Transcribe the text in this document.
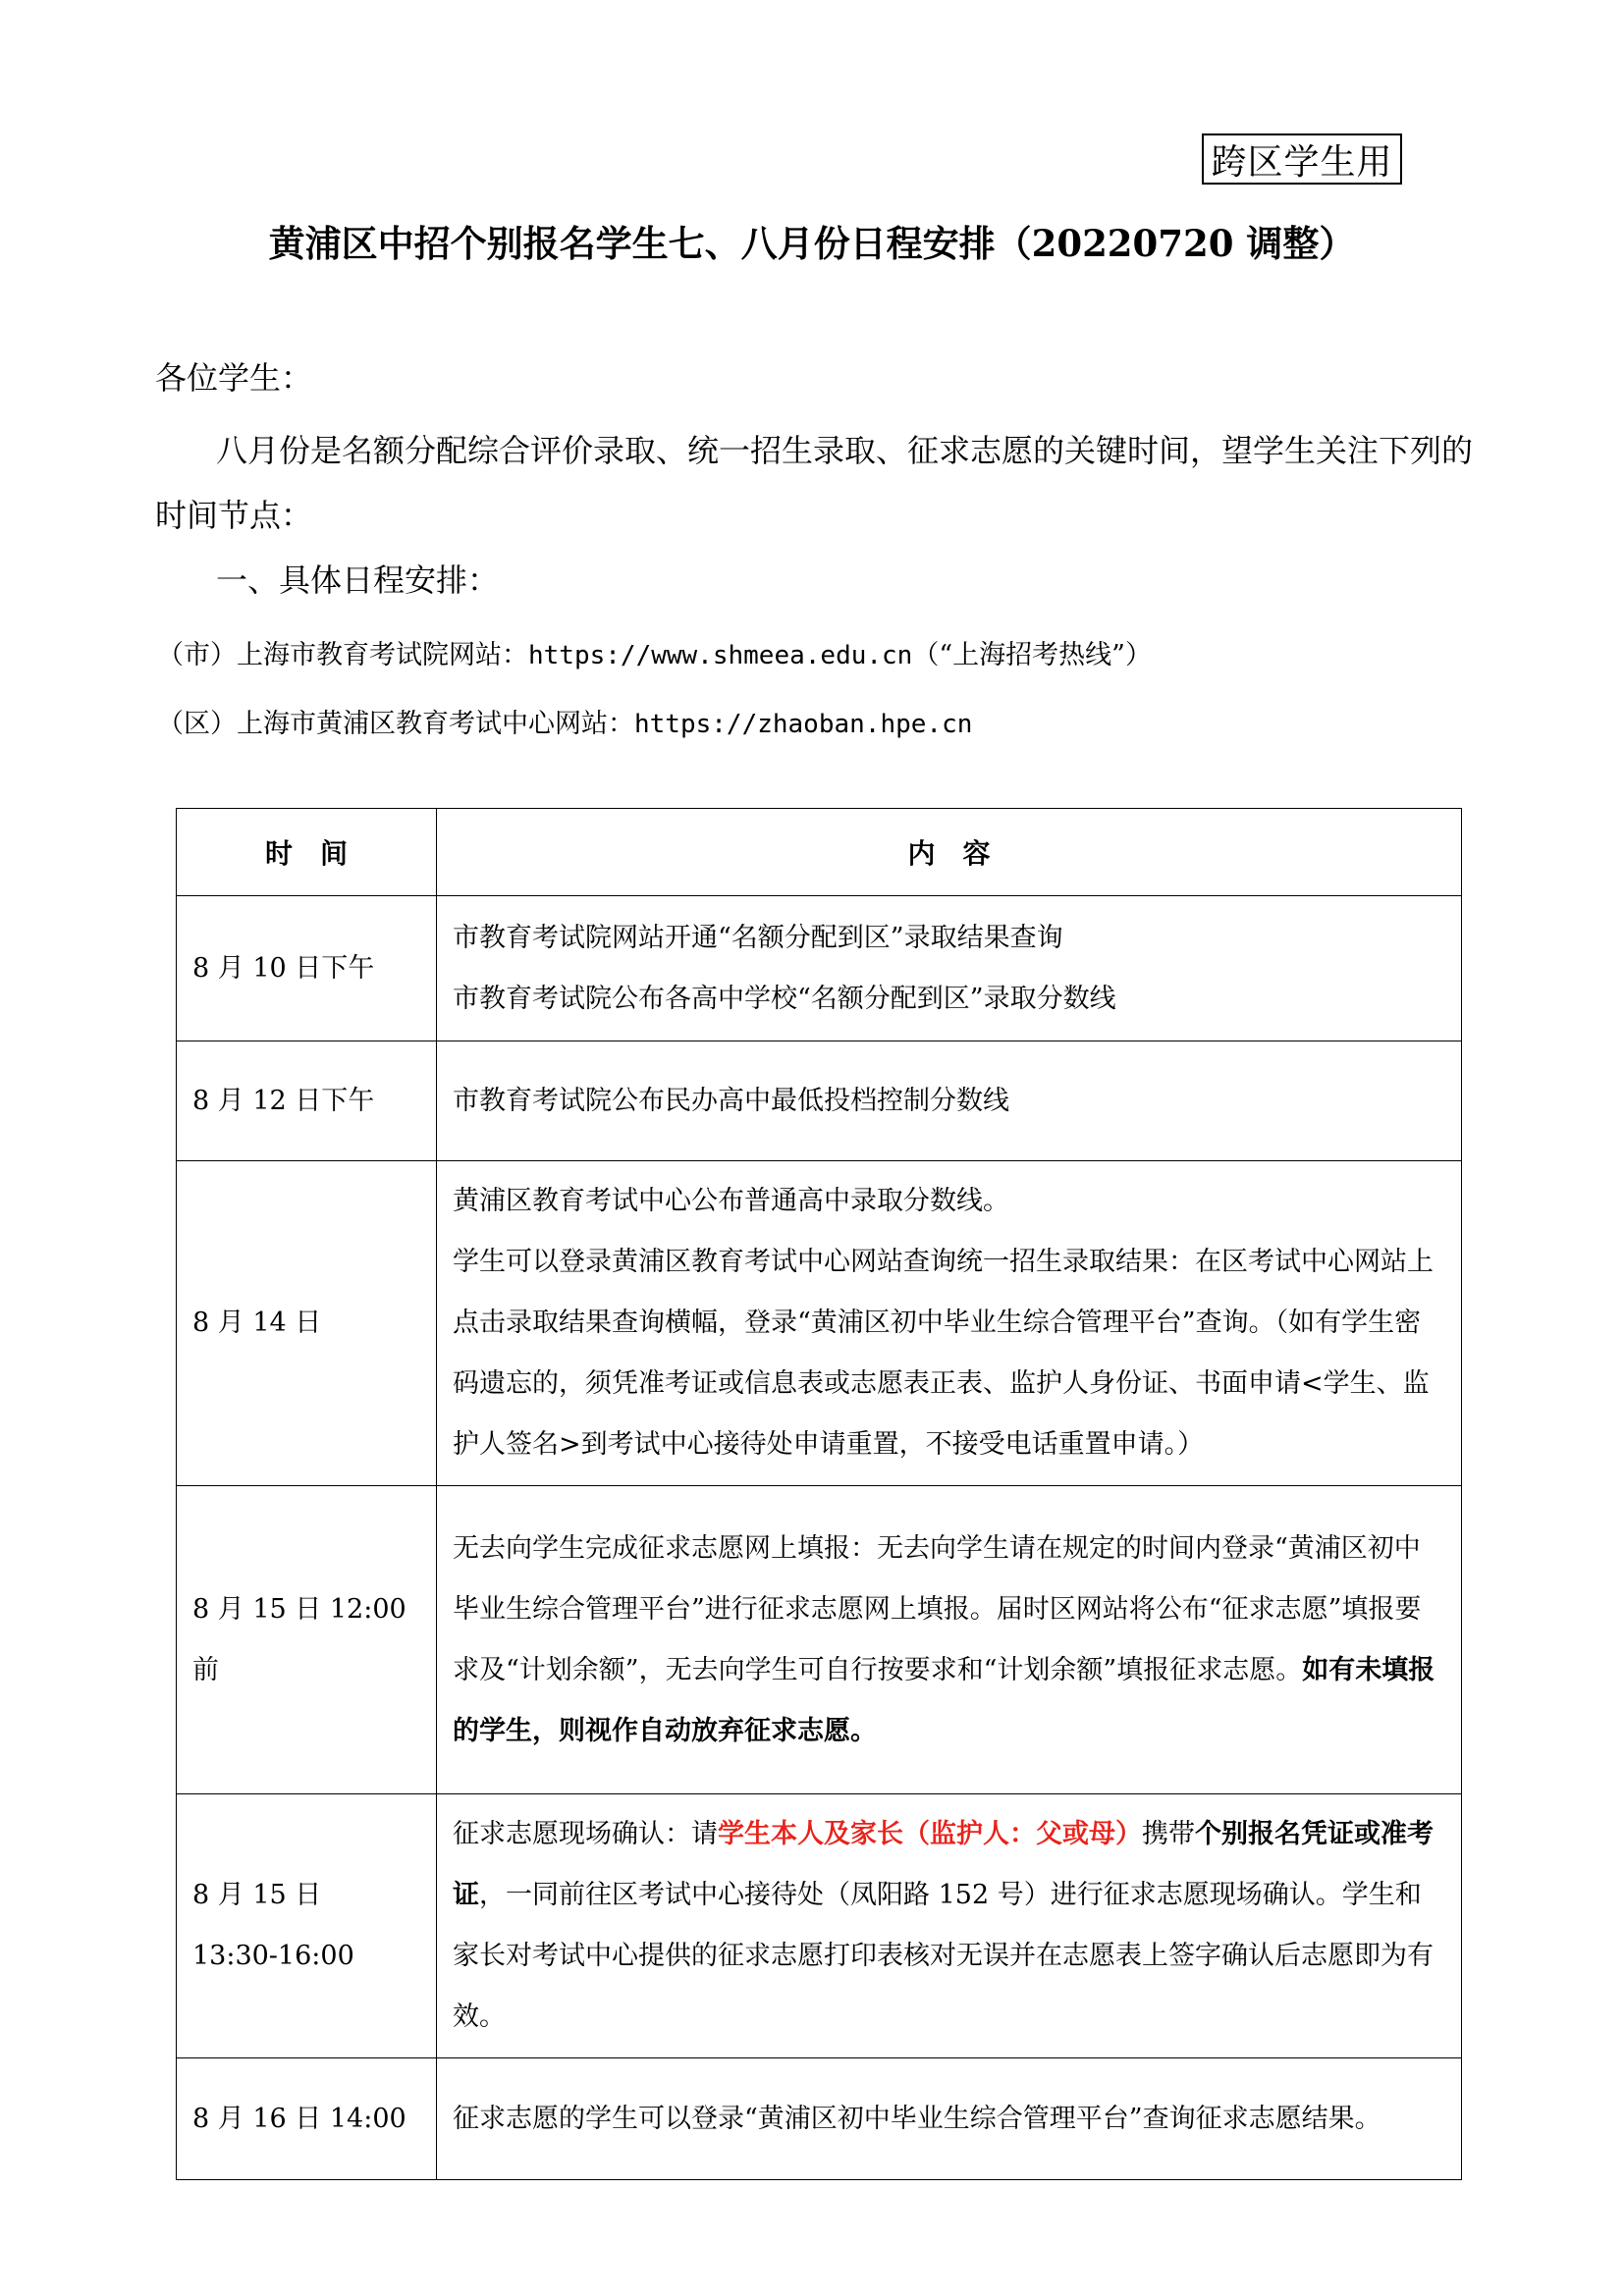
跨区学生用
黄浦区中招个别报名学生七、八月份日程安排（20220720 调整）
各位学生：
八月份是名额分配综合评价录取、统一招生录取、征求志愿的关键时间，望学生关注下列的时间节点：
一、具体日程安排：
（市）上海市教育考试院网站：https://www.shmeea.edu.cn（“上海招考热线”）
（区）上海市黄浦区教育考试中心网站：https://zhaoban.hpe.cn
时　间	内　容
8 月 10 日下午	市教育考试院网站开通“名额分配到区”录取结果查询
市教育考试院公布各高中学校“名额分配到区”录取分数线

8 月 12 日下午	市教育考试院公布民办高中最低投档控制分数线

8 月 14 日	黄浦区教育考试中心公布普通高中录取分数线。
学生可以登录黄浦区教育考试中心网站查询统一招生录取结果：在区考试中心网站上点击录取结果查询横幅，登录“黄浦区初中毕业生综合管理平台”查询。（如有学生密码遗忘的，须凭准考证或信息表或志愿表正表、监护人身份证、书面申请<学生、监护人签名>到考试中心接待处申请重置，不接受电话重置申请。）

8 月 15 日 12:00 前	无去向学生完成征求志愿网上填报：无去向学生请在规定的时间内登录“黄浦区初中毕业生综合管理平台”进行征求志愿网上填报。届时区网站将公布“征求志愿”填报要求及“计划余额”，无去向学生可自行按要求和“计划余额”填报征求志愿。如有未填报的学生，则视作自动放弃征求志愿。

8 月 15 日
13:30-16:00	征求志愿现场确认：请学生本人及家长（监护人：父或母）携带个别报名凭证或准考证，一同前往区考试中心接待处（凤阳路 152 号）进行征求志愿现场确认。学生和家长对考试中心提供的征求志愿打印表核对无误并在志愿表上签字确认后志愿即为有效。
8 月 16 日 14:00	征求志愿的学生可以登录“黄浦区初中毕业生综合管理平台”查询征求志愿结果。
